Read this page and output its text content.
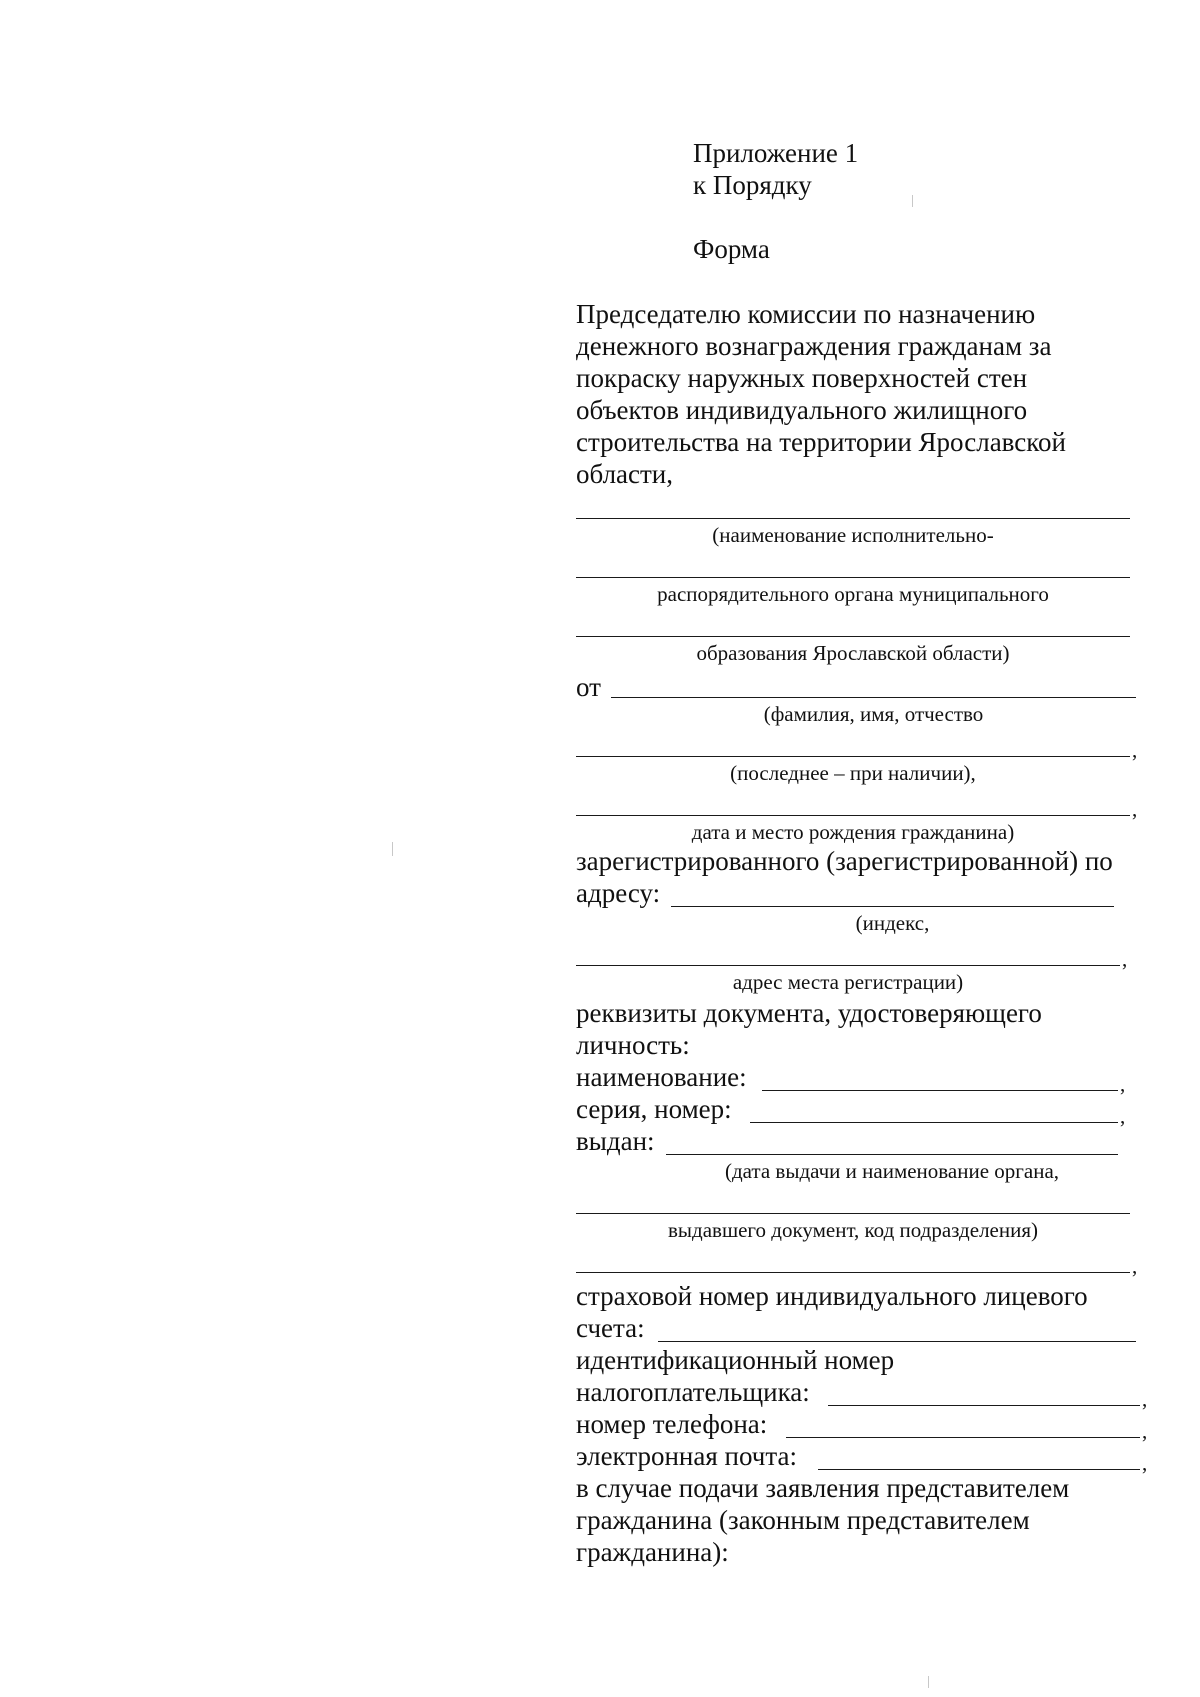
Приложение 1
к Порядку
Форма
Председателю комиссии по назначению
денежного вознаграждения гражданам за
покраску наружных поверхностей стен
объектов индивидуального жилищного
строительства на территории Ярославской
области,
(наименование исполнительно-
распорядительного органа муниципального
образования Ярославской области)
от
(фамилия, имя, отчество
,
(последнее – при наличии),
,
дата и место рождения гражданина)
зарегистрированного (зарегистрированной) по
адресу:
(индекс,
,
адрес места регистрации)
реквизиты документа, удостоверяющего
личность:
наименование:	,
серия, номер:	,
выдан:
(дата выдачи и наименование органа,
выдавшего документ, код подразделения)
,
страховой номер индивидуального лицевого
счета:
идентификационный номер
налогоплательщика:	,
номер телефона:	,
электронная почта:	,
в случае подачи заявления представителем
гражданина (законным представителем
гражданина):
